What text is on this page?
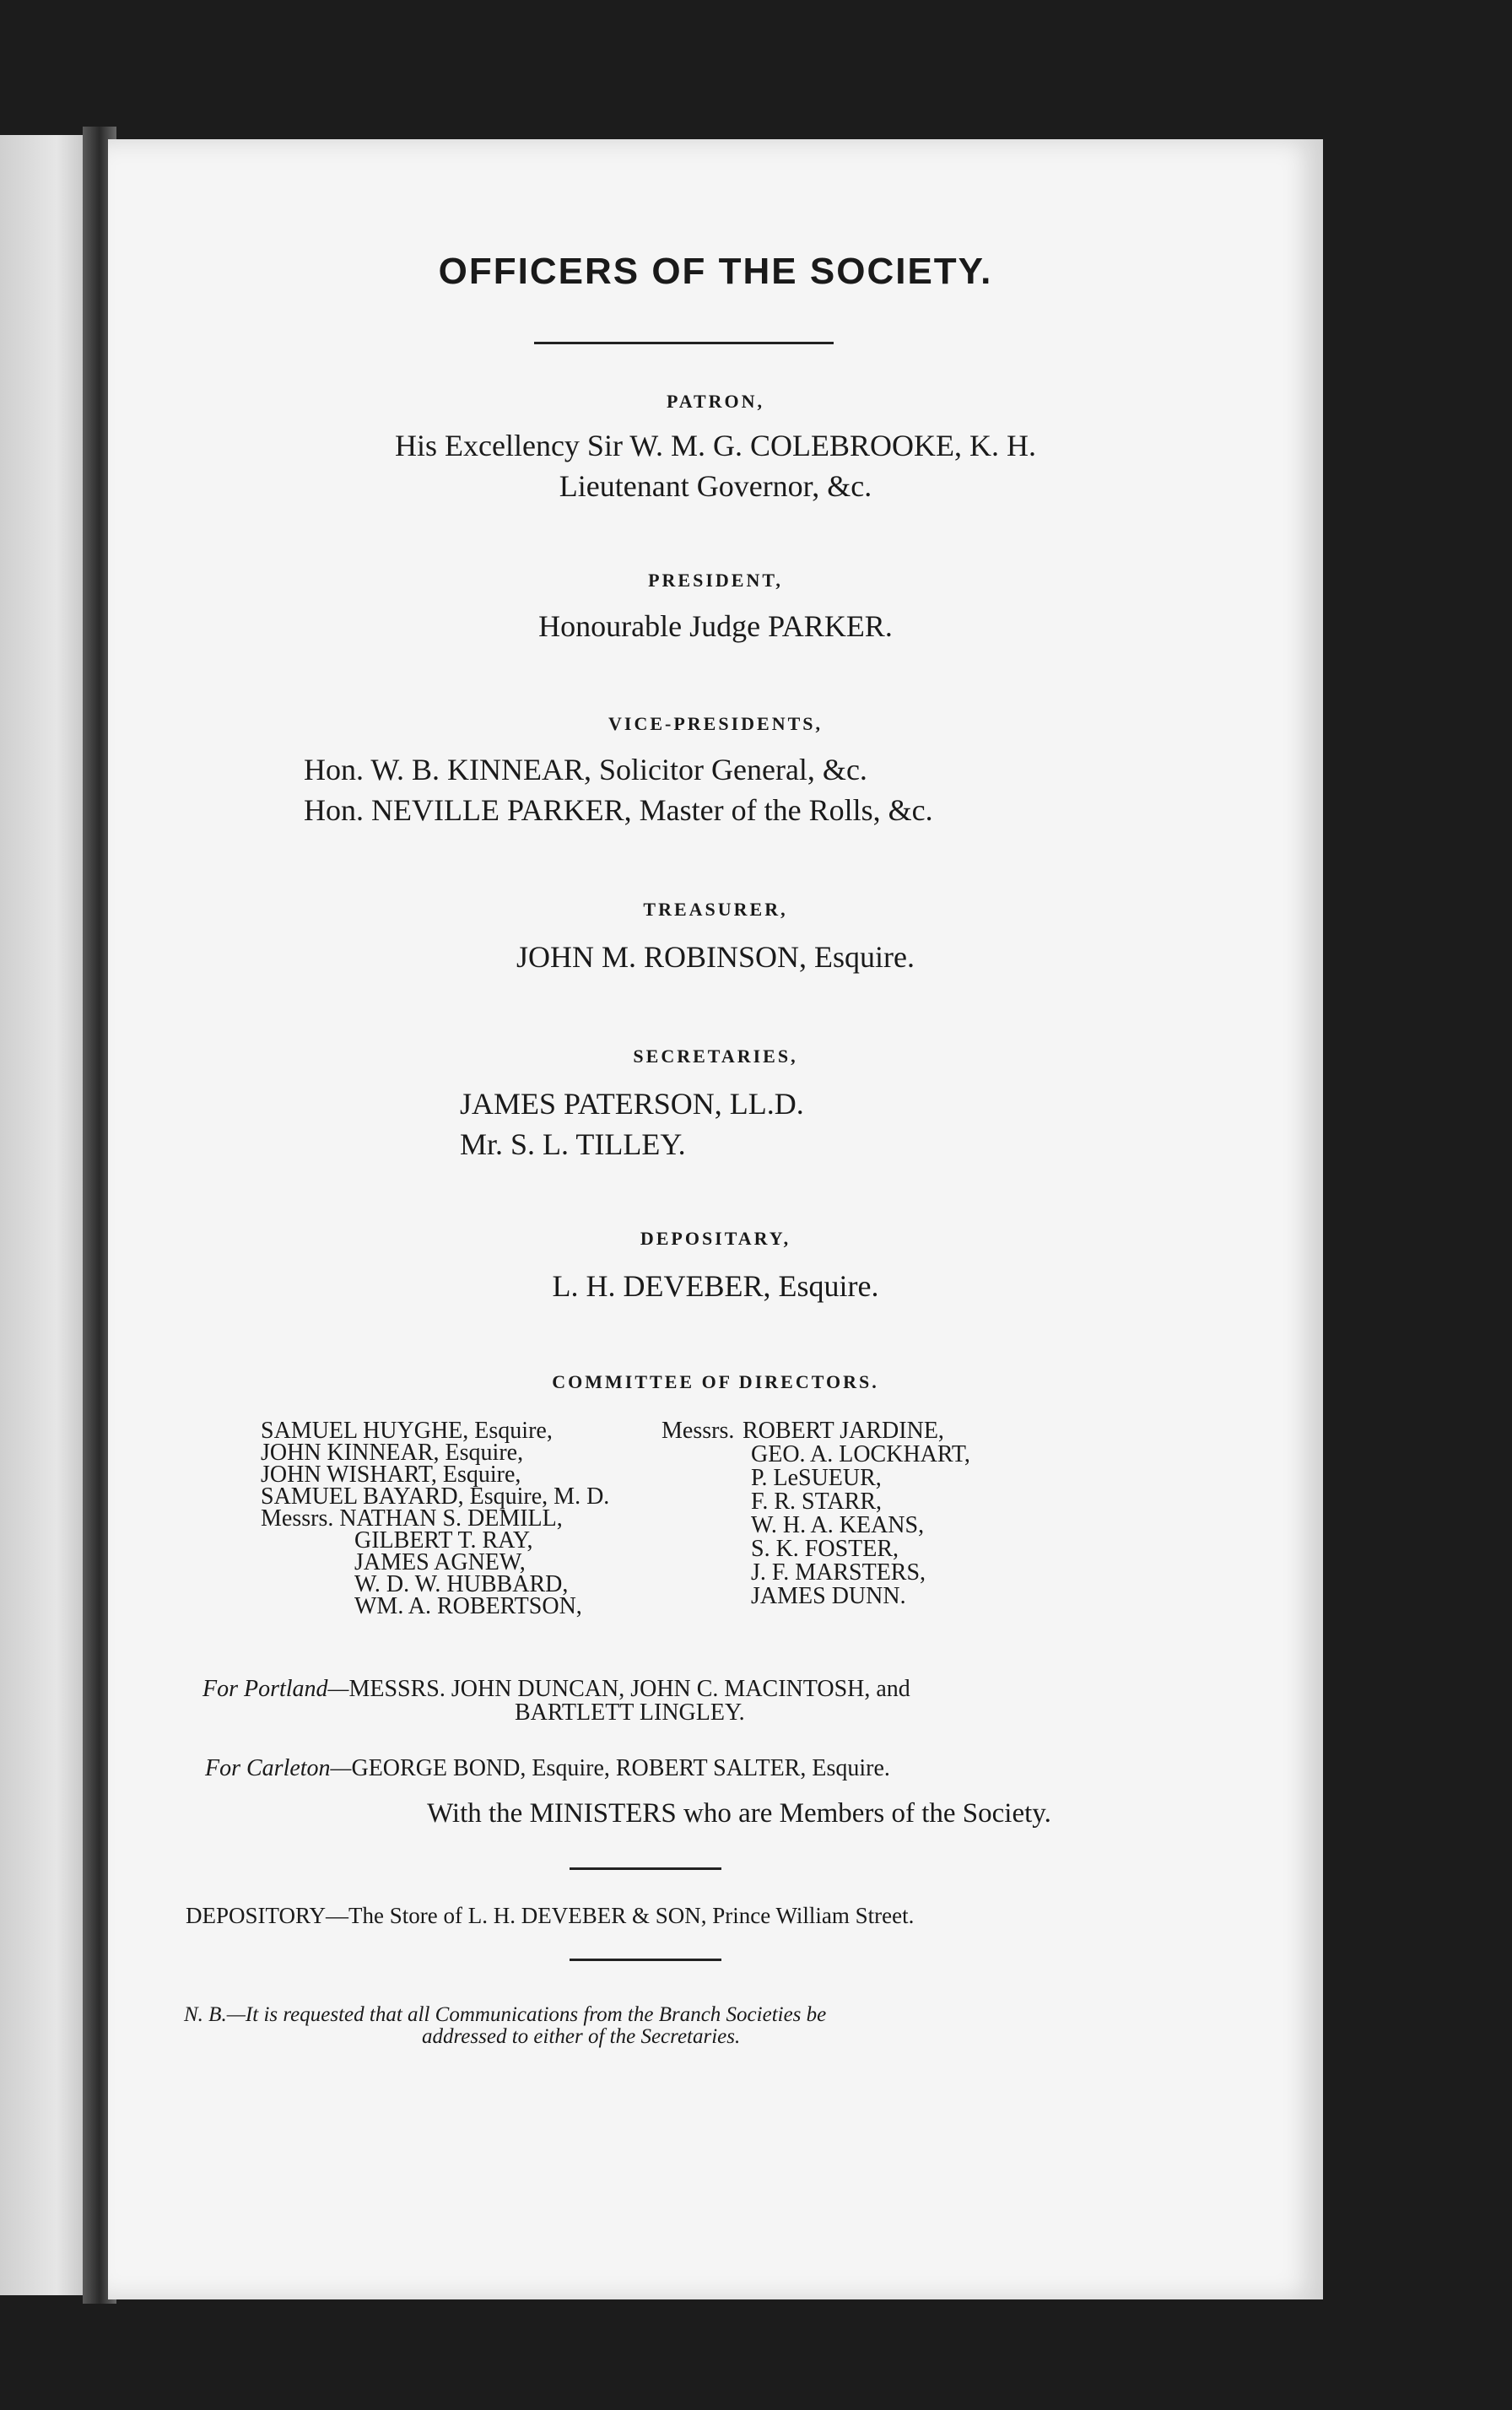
OFFICERS OF THE SOCIETY.
PATRON,
His Excellency Sir W. M. G. COLEBROOKE, K. H.
Lieutenant Governor, &c.
PRESIDENT,
Honourable Judge PARKER.
VICE-PRESIDENTS,
Hon. W. B. KINNEAR, Solicitor General, &c.
Hon. NEVILLE PARKER, Master of the Rolls, &c.
TREASURER,
JOHN M. ROBINSON, Esquire.
SECRETARIES,
JAMES PATERSON, LL.D.
Mr. S. L. TILLEY.
DEPOSITARY,
L. H. DEVEBER, Esquire.
COMMITTEE OF DIRECTORS.
SAMUEL HUYGHE, Esquire,
JOHN KINNEAR, Esquire,
JOHN WISHART, Esquire,
SAMUEL BAYARD, Esquire, M. D.
Messrs. NATHAN S. DEMILL,
GILBERT T. RAY,
JAMES AGNEW,
W. D. W. HUBBARD,
WM. A. ROBERTSON,
Messrs. ROBERT JARDINE,
GEO. A. LOCKHART,
P. LeSUEUR,
F. R. STARR,
W. H. A. KEANS,
S. K. FOSTER,
J. F. MARSTERS,
JAMES DUNN.
For Portland—MESSRS. JOHN DUNCAN, JOHN C. MACINTOSH, and
BARTLETT LINGLEY.
For Carleton—GEORGE BOND, Esquire, ROBERT SALTER, Esquire.
With the MINISTERS who are Members of the Society.
DEPOSITORY—The Store of L. H. DEVEBER & SON, Prince William Street.
N. B.—It is requested that all Communications from the Branch Societies be
addressed to either of the Secretaries.
